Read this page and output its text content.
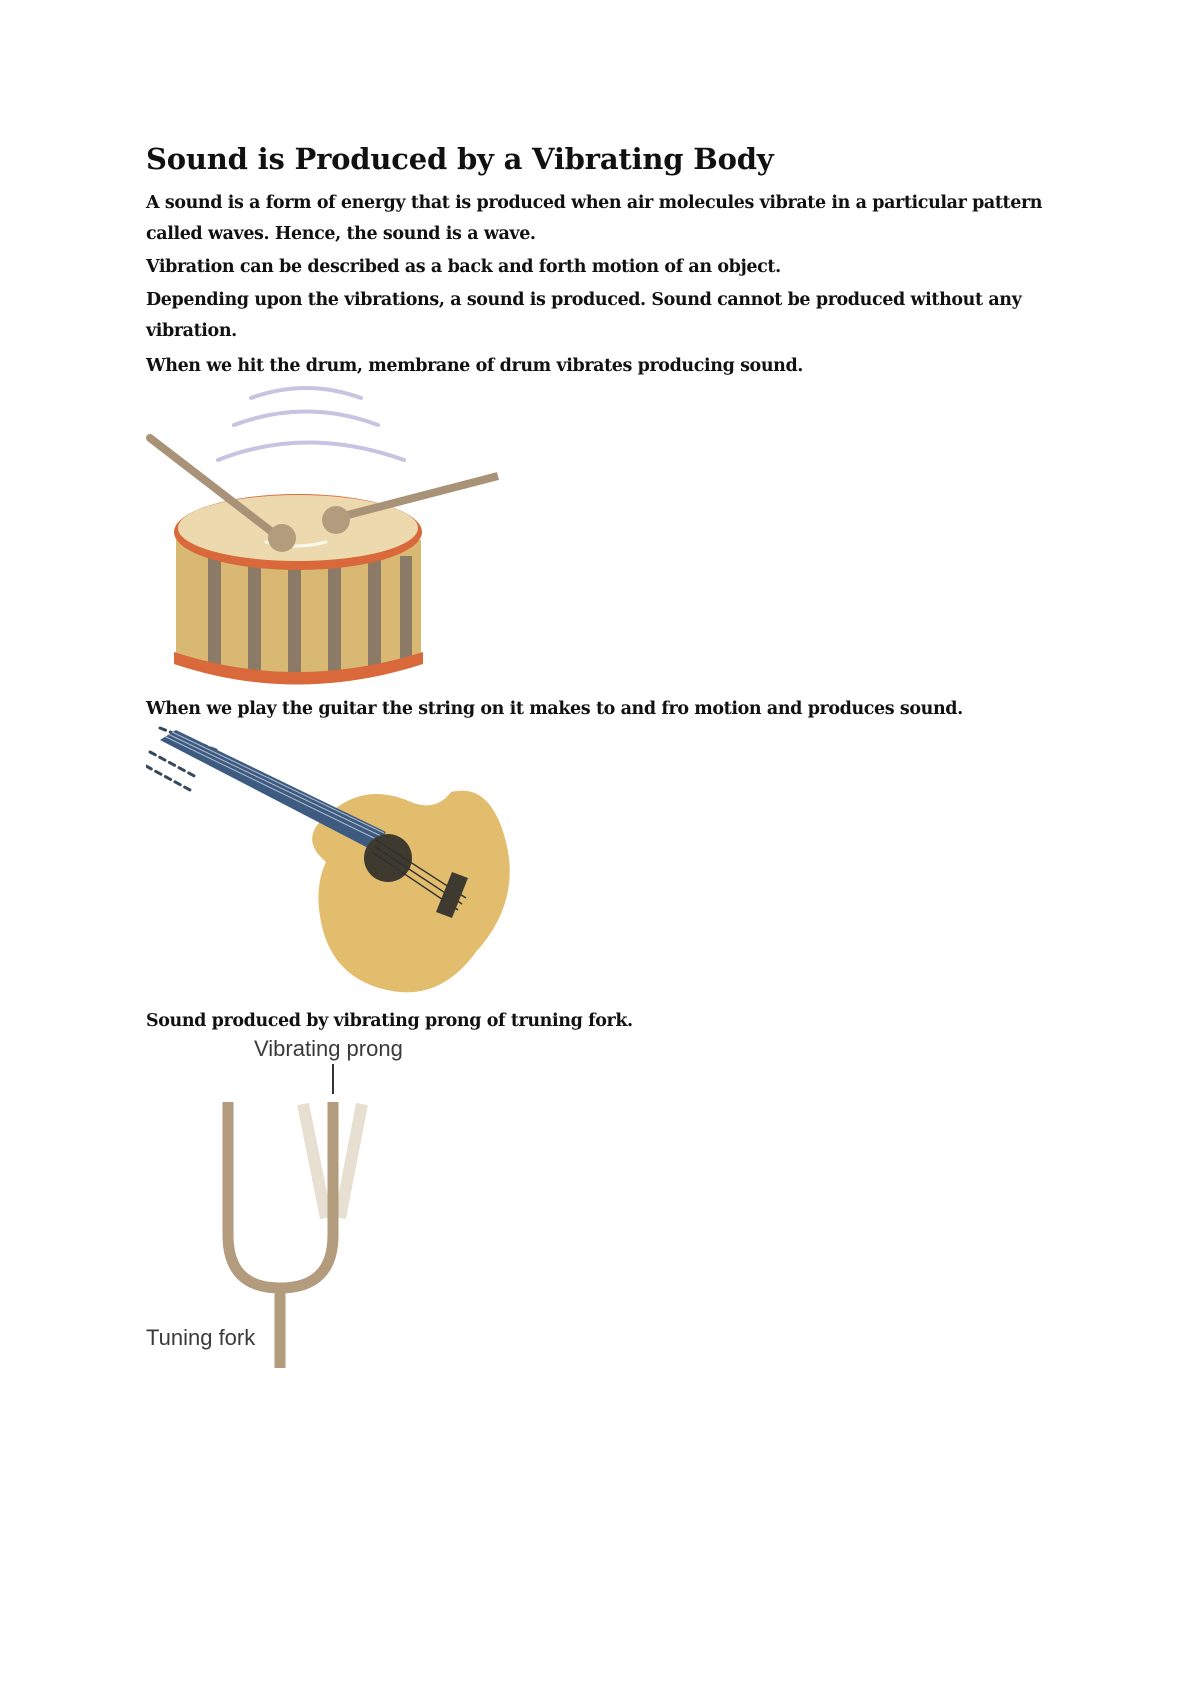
Sound is Produced by a Vibrating Body

A sound is a form of energy that is produced when air molecules vibrate in a particular pattern
called waves. Hence, the sound is a wave.

Vibration can be described as a back and forth motion of an object.

Depending upon the vibrations, a sound is produced. Sound cannot be produced without any
vibration.

When we hit the drum, membrane of drum vibrates producing sound.

When we play the guitar the string on it makes to and fro motion and produces sound.

Sound produced by vibrating prong of truning fork.

Vibrating prong
Tuning fork
